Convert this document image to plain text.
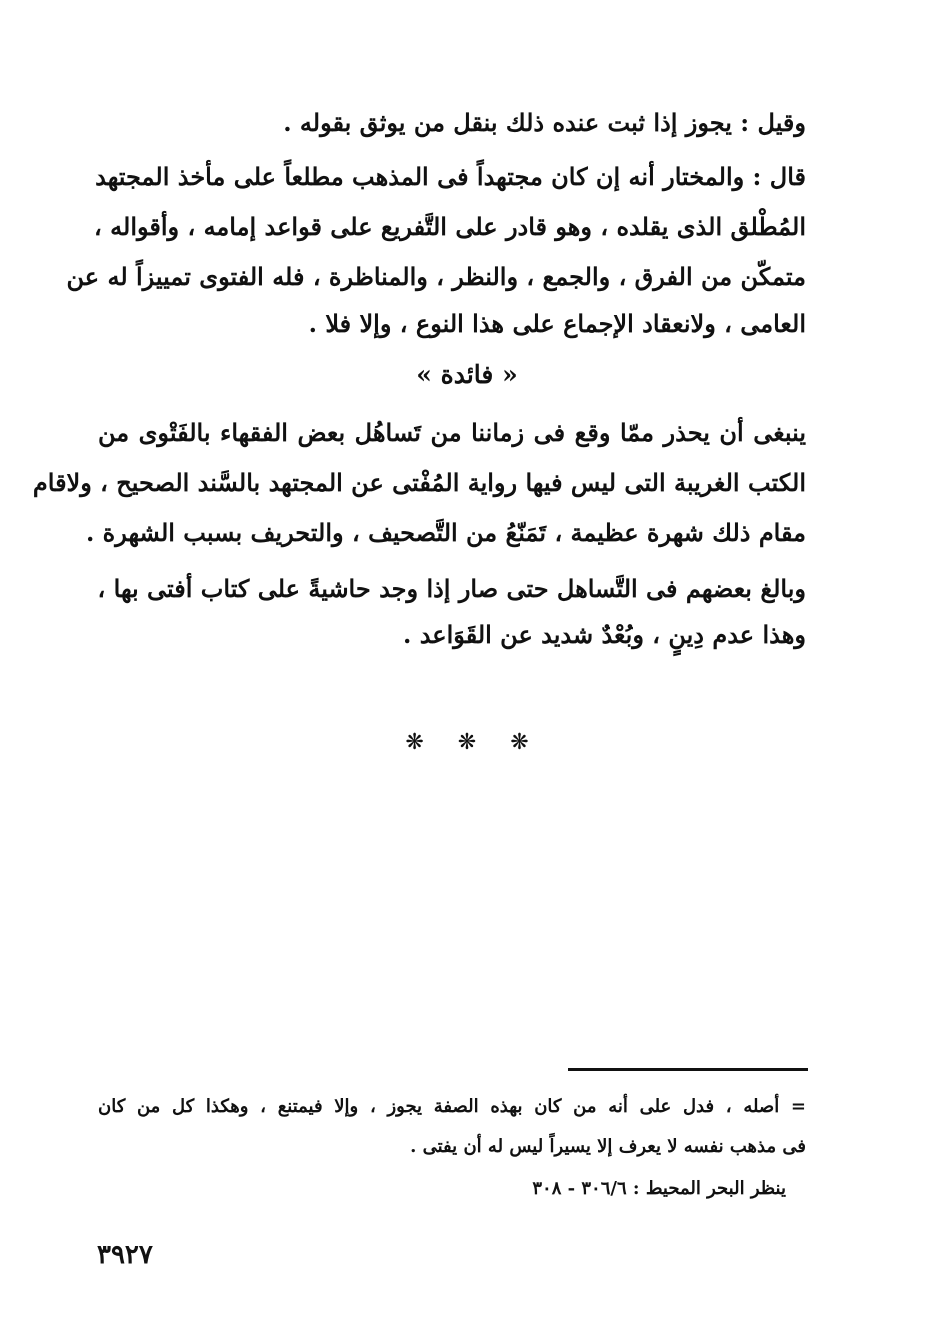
وقيل : يجوز إذا ثبت عنده ذلك بنقل من يوثق بقوله .
قال : والمختار أنه إن كان مجتهداً فى المذهب مطلعاً على مأخذ المجتهد
المُطْلق الذى يقلده ، وهو قادر على التَّفريع على قواعد إمامه ، وأقواله ،
متمكّن من الفرق ، والجمع ، والنظر ، والمناظرة ، فله الفتوى تمييزاً له عن
العامى ، ولانعقاد الإجماع على هذا النوع ، وإلا فلا .
« فائدة »
ينبغى أن يحذر ممّا وقع فى زماننا من تَساهُل بعض الفقهاء بالفَتْوى من
الكتب الغريبة التى ليس فيها رواية المُفْتى عن المجتهد بالسَّند الصحيح ، ولاقام
مقام ذلك شهرة عظيمة ، تَمَنّعُ من التَّصحيف ، والتحريف بسبب الشهرة .
وبالغ بعضهم فى التَّساهل حتى صار إذا وجد حاشيةً على كتاب أفتى بها ،
وهذا عدم دِينٍ ، وبُعْدٌ شديد عن القَوَاعد .
❋ ❋ ❋
= أصله ، فدل على أنه من كان بهذه الصفة يجوز ، وإلا فيمتنع ، وهكذا كل من كان
فى مذهب نفسه لا يعرف إلا يسيراً ليس له أن يفتى .
ينظر البحر المحيط : ٣٠٦/٦ - ٣٠٨
٣٩٢٧
